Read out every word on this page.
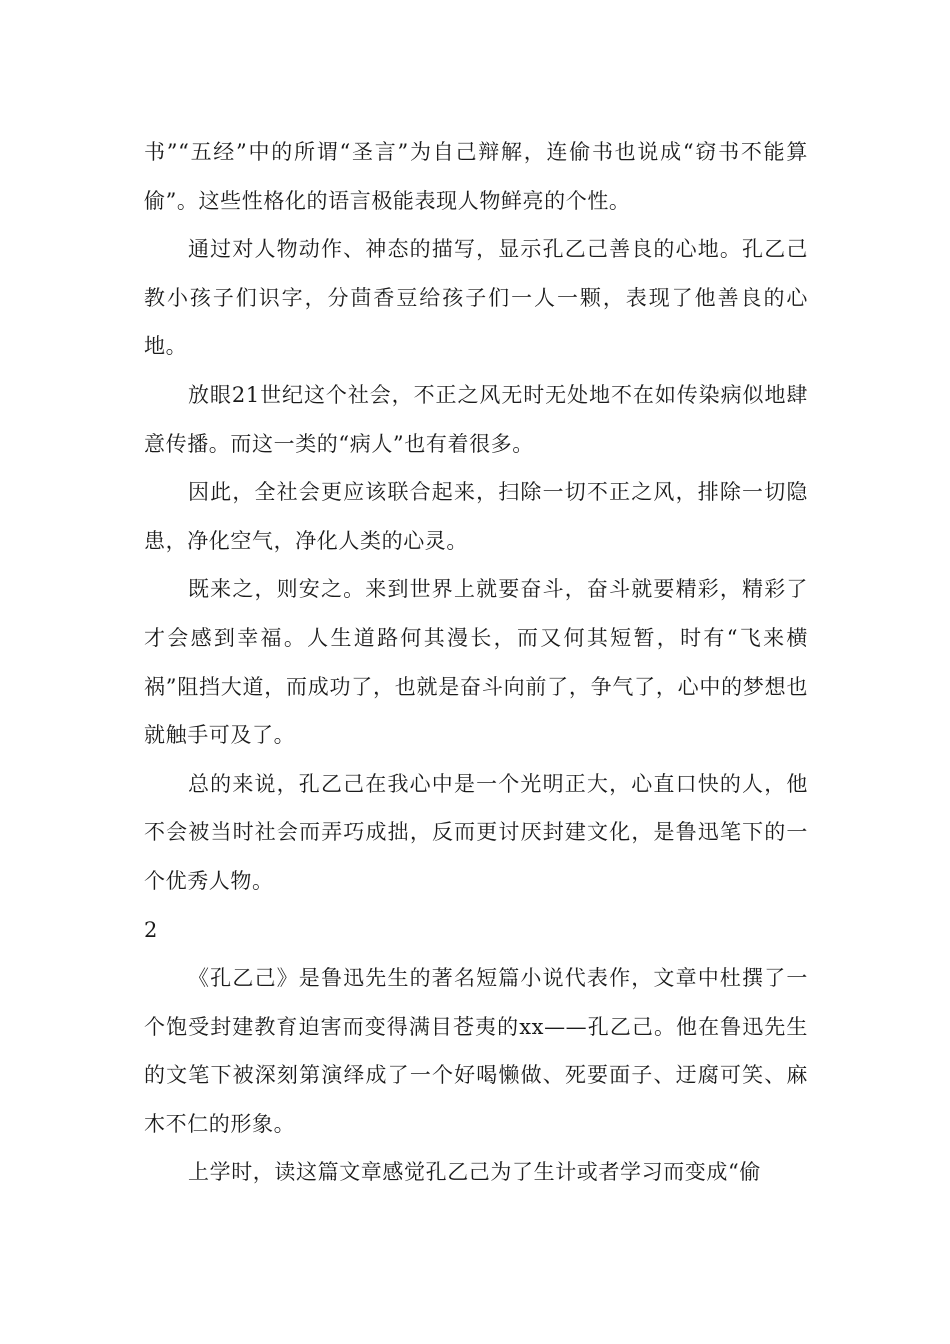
书”“五经”中的所谓“圣言”为自己辩解，连偷书也说成“窃书不能算偷”。这些性格化的语言极能表现人物鲜亮的个性。

通过对人物动作、神态的描写，显示孔乙己善良的心地。孔乙己教小孩子们识字，分茴香豆给孩子们一人一颗，表现了他善良的心地。

放眼21世纪这个社会，不正之风无时无处地不在如传染病似地肆意传播。而这一类的“病人”也有着很多。

因此，全社会更应该联合起来，扫除一切不正之风，排除一切隐患，净化空气，净化人类的心灵。

既来之，则安之。来到世界上就要奋斗，奋斗就要精彩，精彩了才会感到幸福。人生道路何其漫长，而又何其短暂，时有“飞来横祸”阻挡大道，而成功了，也就是奋斗向前了，争气了，心中的梦想也就触手可及了。

总的来说，孔乙己在我心中是一个光明正大，心直口快的人，他不会被当时社会而弄巧成拙，反而更讨厌封建文化，是鲁迅笔下的一个优秀人物。

2

《孔乙己》是鲁迅先生的著名短篇小说代表作，文章中杜撰了一个饱受封建教育迫害而变得满目苍夷的xx——孔乙己。他在鲁迅先生的文笔下被深刻第演绎成了一个好喝懒做、死要面子、迂腐可笑、麻木不仁的形象。

上学时，读这篇文章感觉孔乙己为了生计或者学习而变成“偷
